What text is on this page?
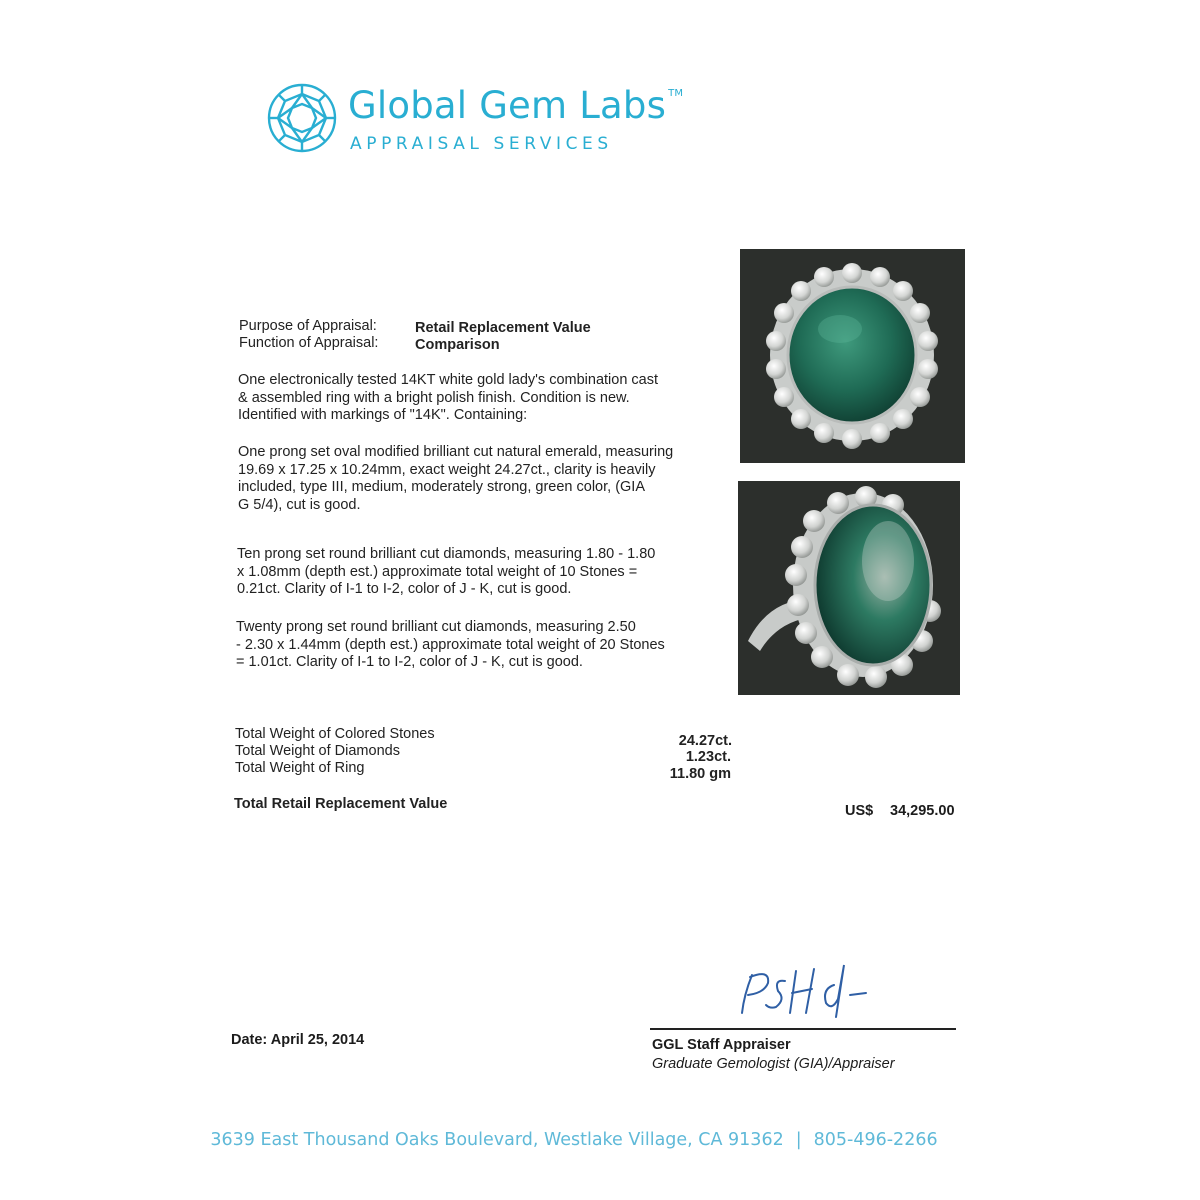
Global Gem Labs ™
APPRAISAL SERVICES
Purpose of Appraisal:	Retail Replacement Value
Function of Appraisal:	Comparison
One electronically tested 14KT white gold lady's combination cast
& assembled ring with a bright polish finish. Condition is new.
Identified with markings of "14K". Containing:
One prong set oval modified brilliant cut natural emerald, measuring
19.69 x 17.25 x 10.24mm, exact weight 24.27ct., clarity is heavily
included, type III, medium, moderately strong, green color, (GIA
G 5/4), cut is good.
Ten prong set round brilliant cut diamonds, measuring 1.80 - 1.80
x 1.08mm (depth est.) approximate total weight of 10 Stones =
0.21ct. Clarity of I-1 to I-2, color of J - K, cut is good.
Twenty prong set round brilliant cut diamonds, measuring 2.50
- 2.30 x 1.44mm (depth est.) approximate total weight of 20 Stones
= 1.01ct. Clarity of I-1 to I-2, color of J - K, cut is good.
Total Weight of Colored Stones	24.27ct.
Total Weight of Diamonds	1.23ct.
Total Weight of Ring	11.80 gm
Total Retail Replacement Value	US$ 34,295.00
Date: April 25, 2014	GGL Staff Appraiser
Graduate Gemologist (GIA)/Appraiser
3639 East Thousand Oaks Boulevard, Westlake Village, CA 91362 | 805-496-2266
